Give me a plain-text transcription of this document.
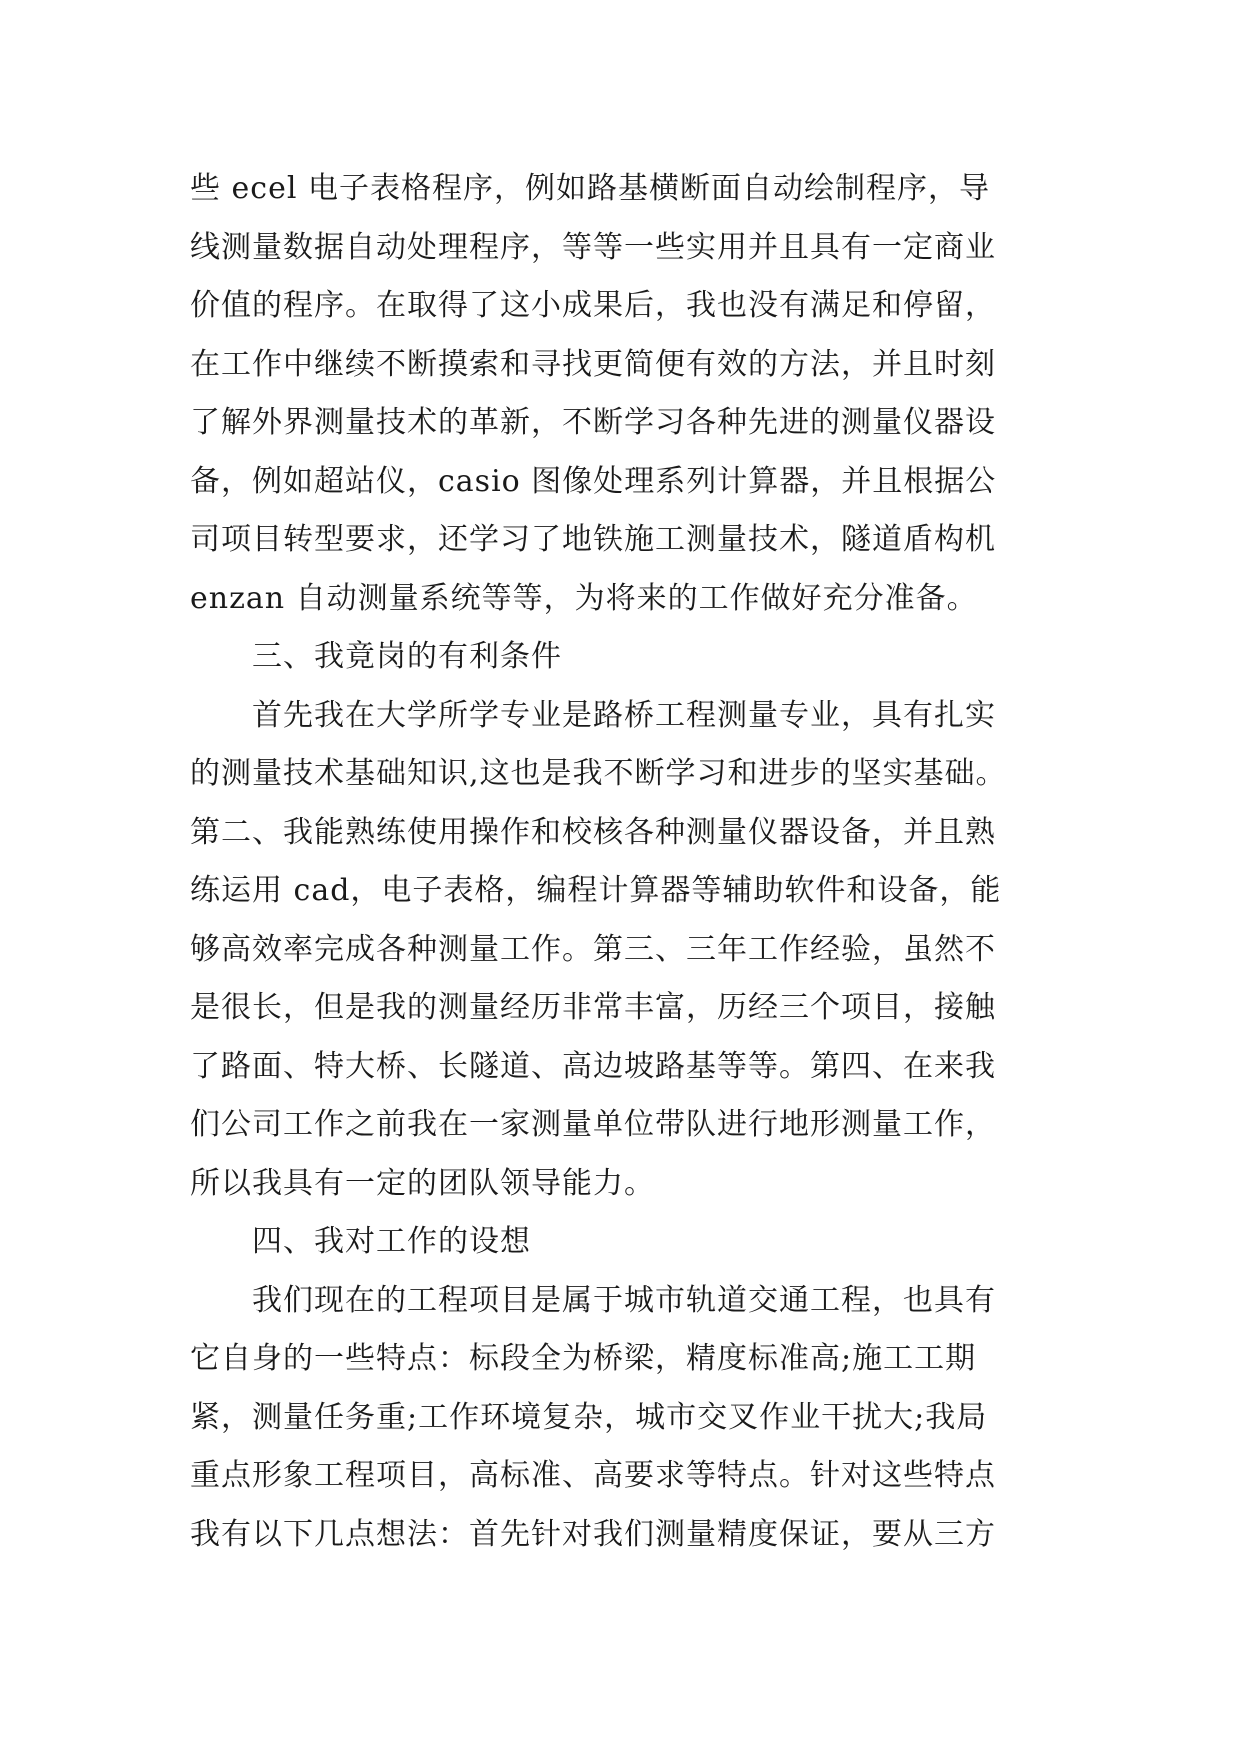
些 ecel 电子表格程序，例如路基横断面自动绘制程序，导

线测量数据自动处理程序，等等一些实用并且具有一定商业

价值的程序。在取得了这小成果后，我也没有满足和停留，

在工作中继续不断摸索和寻找更简便有效的方法，并且时刻

了解外界测量技术的革新，不断学习各种先进的测量仪器设

备，例如超站仪，casio 图像处理系列计算器，并且根据公

司项目转型要求，还学习了地铁施工测量技术，隧道盾构机

enzan 自动测量系统等等，为将来的工作做好充分准备。

　　三、我竟岗的有利条件

　　首先我在大学所学专业是路桥工程测量专业，具有扎实

的测量技术基础知识,这也是我不断学习和进步的坚实基础。

第二、我能熟练使用操作和校核各种测量仪器设备，并且熟

练运用 cad，电子表格，编程计算器等辅助软件和设备，能

够高效率完成各种测量工作。第三、三年工作经验，虽然不

是很长，但是我的测量经历非常丰富，历经三个项目，接触

了路面、特大桥、长隧道、高边坡路基等等。第四、在来我

们公司工作之前我在一家测量单位带队进行地形测量工作，

所以我具有一定的团队领导能力。

　　四、我对工作的设想

　　我们现在的工程项目是属于城市轨道交通工程，也具有

它自身的一些特点：标段全为桥梁，精度标准高;施工工期

紧，测量任务重;工作环境复杂，城市交叉作业干扰大;我局

重点形象工程项目，高标准、高要求等特点。针对这些特点

我有以下几点想法：首先针对我们测量精度保证，要从三方
